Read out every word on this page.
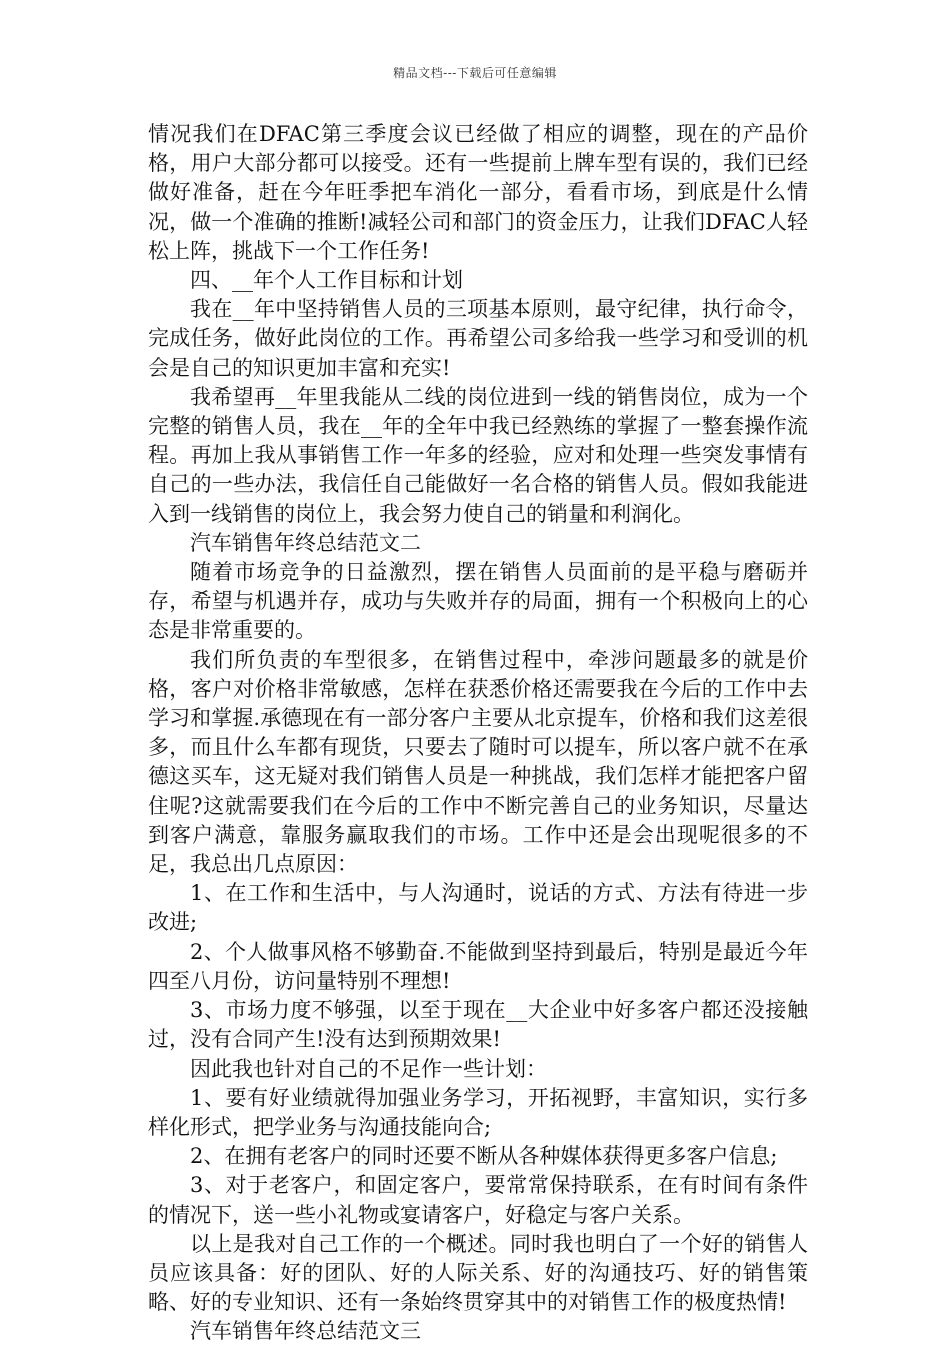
精品文档---下载后可任意编辑

情况我们在DFAC第三季度会议已经做了相应的调整，现在的产品价格，用户大部分都可以接受。还有一些提前上牌车型有误的，我们已经做好准备，赶在今年旺季把车消化一部分，看看市场，到底是什么情况，做一个准确的推断!减轻公司和部门的资金压力，让我们DFAC人轻松上阵，挑战下一个工作任务!

四、__年个人工作目标和计划

我在__年中坚持销售人员的三项基本原则，最守纪律，执行命令，完成任务，做好此岗位的工作。再希望公司多给我一些学习和受训的机会是自己的知识更加丰富和充实!

我希望再__年里我能从二线的岗位进到一线的销售岗位，成为一个完整的销售人员，我在__年的全年中我已经熟练的掌握了一整套操作流程。再加上我从事销售工作一年多的经验，应对和处理一些突发事情有自己的一些办法，我信任自己能做好一名合格的销售人员。假如我能进入到一线销售的岗位上，我会努力使自己的销量和利润化。

汽车销售年终总结范文二

随着市场竞争的日益激烈，摆在销售人员面前的是平稳与磨砺并存，希望与机遇并存，成功与失败并存的局面，拥有一个积极向上的心态是非常重要的。

我们所负责的车型很多，在销售过程中，牵涉问题最多的就是价格，客户对价格非常敏感，怎样在获悉价格还需要我在今后的工作中去学习和掌握.承德现在有一部分客户主要从北京提车，价格和我们这差很多，而且什么车都有现货，只要去了随时可以提车，所以客户就不在承德这买车，这无疑对我们销售人员是一种挑战，我们怎样才能把客户留住呢?这就需要我们在今后的工作中不断完善自己的业务知识，尽量达到客户满意，靠服务赢取我们的市场。工作中还是会出现呢很多的不足，我总出几点原因：

1、在工作和生活中，与人沟通时，说话的方式、方法有待进一步改进;

2、个人做事风格不够勤奋.不能做到坚持到最后，特别是最近今年四至八月份，访问量特别不理想!

3、市场力度不够强，以至于现在__大企业中好多客户都还没接触过，没有合同产生!没有达到预期效果!

因此我也针对自己的不足作一些计划：

1、要有好业绩就得加强业务学习，开拓视野，丰富知识，实行多样化形式，把学业务与沟通技能向合;

2、在拥有老客户的同时还要不断从各种媒体获得更多客户信息;

3、对于老客户，和固定客户，要常常保持联系，在有时间有条件的情况下，送一些小礼物或宴请客户，好稳定与客户关系。

以上是我对自己工作的一个概述。同时我也明白了一个好的销售人员应该具备：好的团队、好的人际关系、好的沟通技巧、好的销售策略、好的专业知识、还有一条始终贯穿其中的对销售工作的极度热情!

汽车销售年终总结范文三
